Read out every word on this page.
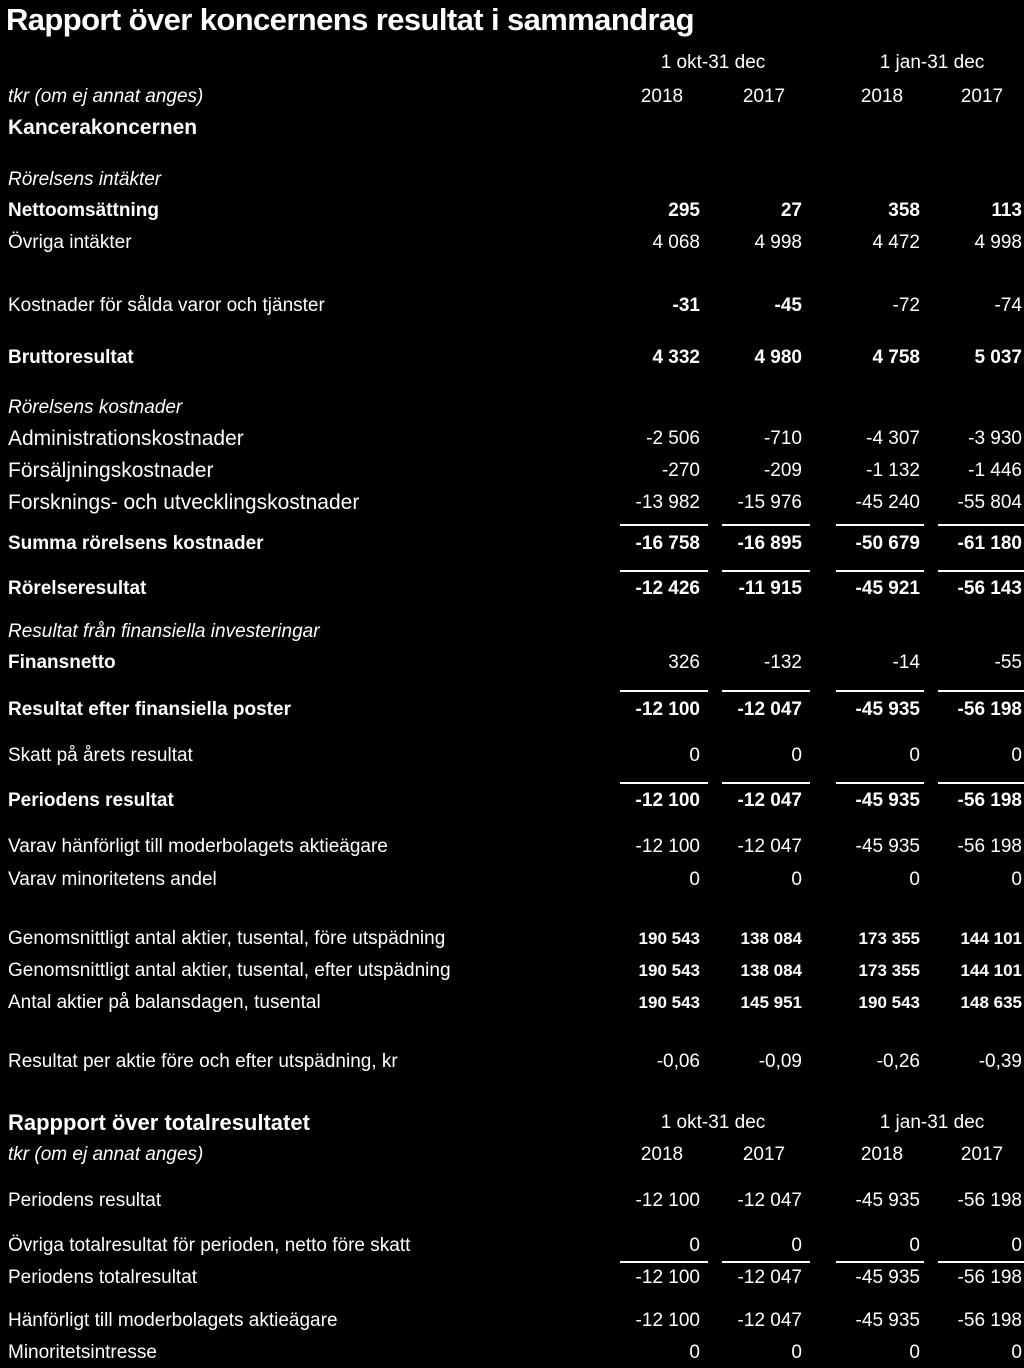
Rapport över koncernens resultat i sammandrag
1 okt-31 dec	1 jan-31 dec
tkr (om ej annat anges)	2018	2017	2018	2017
Kancerakoncernen
Rörelsens intäkter
Nettoomsättning	295	27	358	113
Övriga intäkter	4 068	4 998	4 472	4 998
Kostnader för sålda varor och tjänster	-31	-45	-72	-74
Bruttoresultat	4 332	4 980	4 758	5 037
Rörelsens kostnader
Administrationskostnader	-2 506	-710	-4 307	-3 930
Försäljningskostnader	-270	-209	-1 132	-1 446
Forsknings- och utvecklingskostnader	-13 982	-15 976	-45 240	-55 804
Summa rörelsens kostnader	-16 758	-16 895	-50 679	-61 180
Rörelseresultat	-12 426	-11 915	-45 921	-56 143
Resultat från finansiella investeringar
Finansnetto	326	-132	-14	-55
Resultat efter finansiella poster	-12 100	-12 047	-45 935	-56 198
Skatt på årets resultat	0	0	0	0
Periodens resultat	-12 100	-12 047	-45 935	-56 198
Varav hänförligt till moderbolagets aktieägare	-12 100	-12 047	-45 935	-56 198
Varav minoritetens andel	0	0	0	0
Genomsnittligt antal aktier, tusental, före utspädning	190 543	138 084	173 355	144 101
Genomsnittligt antal aktier, tusental, efter utspädning	190 543	138 084	173 355	144 101
Antal aktier på balansdagen, tusental	190 543	145 951	190 543	148 635
Resultat per aktie före och efter utspädning, kr	-0,06	-0,09	-0,26	-0,39
Rappport över totalresultatet	1 okt-31 dec	1 jan-31 dec
tkr (om ej annat anges)	2018	2017	2018	2017
Periodens resultat	-12 100	-12 047	-45 935	-56 198
Övriga totalresultat för perioden, netto före skatt	0	0	0	0
Periodens totalresultat	-12 100	-12 047	-45 935	-56 198
Hänförligt till moderbolagets aktieägare	-12 100	-12 047	-45 935	-56 198
Minoritetsintresse	0	0	0	0
